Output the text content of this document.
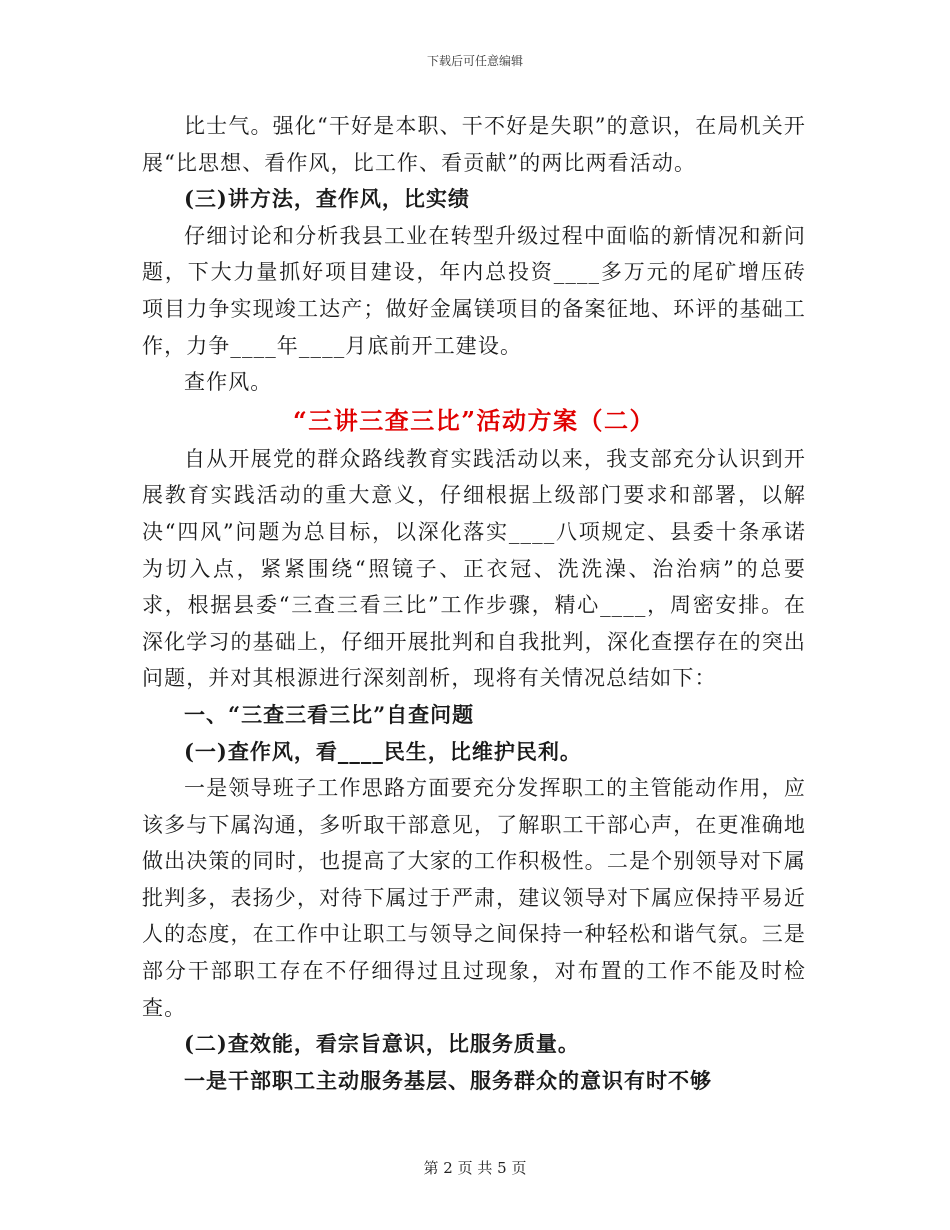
下载后可任意编辑

比士气。强化“干好是本职、干不好是失职”的意识，在局机关开展“比思想、看作风，比工作、看贡献”的两比两看活动。

(三)讲方法，查作风，比实绩

仔细讨论和分析我县工业在转型升级过程中面临的新情况和新问题，下大力量抓好项目建设，年内总投资____多万元的尾矿增压砖项目力争实现竣工达产；做好金属镁项目的备案征地、环评的基础工作，力争____年____月底前开工建设。

查作风。

“三讲三查三比”活动方案（二）

自从开展党的群众路线教育实践活动以来，我支部充分认识到开展教育实践活动的重大意义，仔细根据上级部门要求和部署，以解决“四风”问题为总目标，以深化落实____八项规定、县委十条承诺为切入点，紧紧围绕“照镜子、正衣冠、洗洗澡、治治病”的总要求，根据县委“三查三看三比”工作步骤，精心____，周密安排。在深化学习的基础上，仔细开展批判和自我批判，深化查摆存在的突出问题，并对其根源进行深刻剖析，现将有关情况总结如下：

一、“三查三看三比”自查问题

(一)查作风，看____民生，比维护民利。

一是领导班子工作思路方面要充分发挥职工的主管能动作用，应该多与下属沟通，多听取干部意见，了解职工干部心声，在更准确地做出决策的同时，也提高了大家的工作积极性。二是个别领导对下属批判多，表扬少，对待下属过于严肃，建议领导对下属应保持平易近人的态度，在工作中让职工与领导之间保持一种轻松和谐气氛。三是部分干部职工存在不仔细得过且过现象，对布置的工作不能及时检查。

(二)查效能，看宗旨意识，比服务质量。

一是干部职工主动服务基层、服务群众的意识有时不够

第 2 页 共 5 页
